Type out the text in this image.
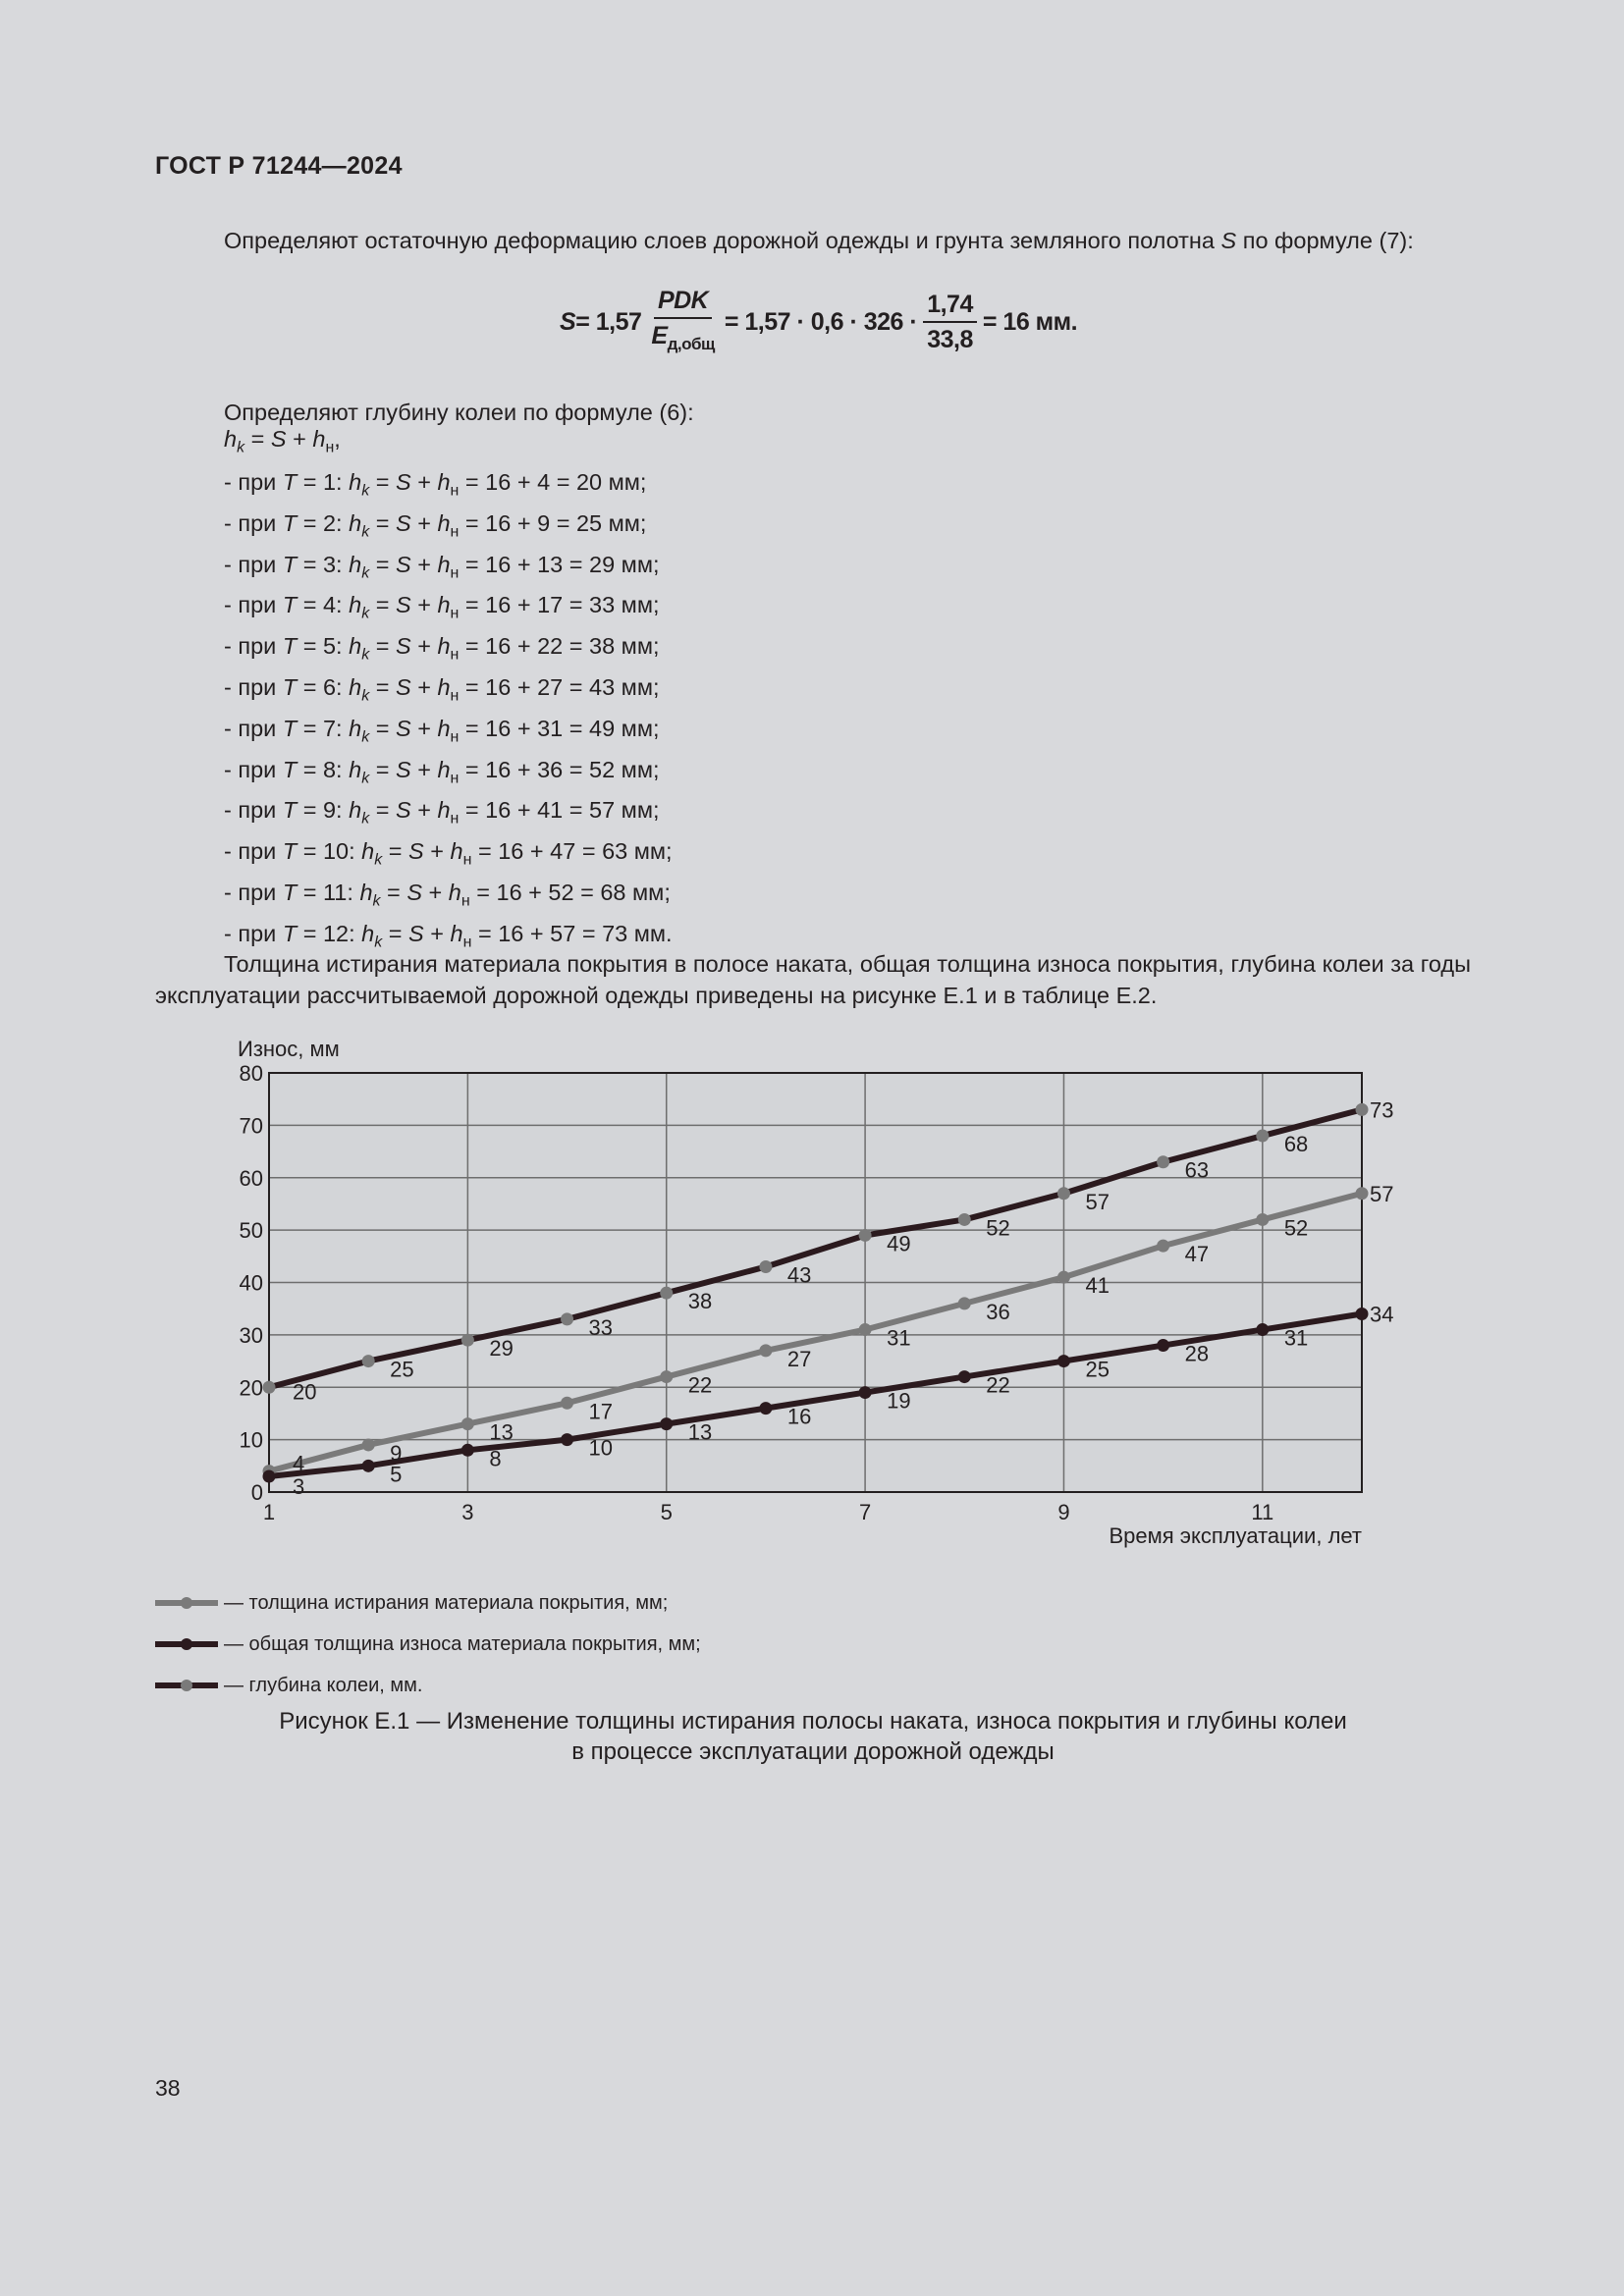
ГОСТ Р 71244—2024
Определяют остаточную деформацию слоев дорожной одежды и грунта земляного полотна S по формуле (7):
$S = 1,57 \frac{\text{PDK}}{E_{д,общ}} = 1,57 \cdot 0,6 \cdot 326 \cdot \frac{1,74}{33,8} = 16$ мм.
Определяют глубину колеи по формуле (6):
$h_k = S + h_н$,
- при T = 1: $h_k = S + h_н = 16 + 4 = 20$ мм;
- при T = 2: $h_k = S + h_н = 16 + 9 = 25$ мм;
- при T = 3: $h_k = S + h_н = 16 + 13 = 29$ мм;
- при T = 4: $h_k = S + h_н = 16 + 17 = 33$ мм;
- при T = 5: $h_k = S + h_н = 16 + 22 = 38$ мм;
- при T = 6: $h_k = S + h_н = 16 + 27 = 43$ мм;
- при T = 7: $h_k = S + h_н = 16 + 31 = 49$ мм;
- при T = 8: $h_k = S + h_н = 16 + 36 = 52$ мм;
- при T = 9: $h_k = S + h_н = 16 + 41 = 57$ мм;
- при T = 10: $h_k = S + h_н = 16 + 47 = 63$ мм;
- при T = 11: $h_k = S + h_н = 16 + 52 = 68$ мм;
- при T = 12: $h_k = S + h_н = 16 + 57 = 73$ мм.
Толщина истирания материала покрытия в полосе наката, общая толщина износа покрытия, глубина колеи за годы эксплуатации рассчитываемой дорожной одежды приведены на рисунке Е.1 и в таблице Е.2.
0
10
20
30
40
50
60
70
80
1	3	5	7	9	11
Износ, мм
Время эксплуатации, лет
4	9
13
17
22
27
31
36
41
47
52
57
3
5
8	10
13
16
19
22
25
28
31
34
20
25
29
33
38
43
49
52
57
63
68
73
— толщина истирания материала покрытия, мм;
— общая толщина износа материала покрытия, мм;
— глубина колеи, мм.
Рисунок Е.1 — Изменение толщины истирания полосы наката, износа покрытия и глубины колеи
в процессе эксплуатации дорожной одежды
38
